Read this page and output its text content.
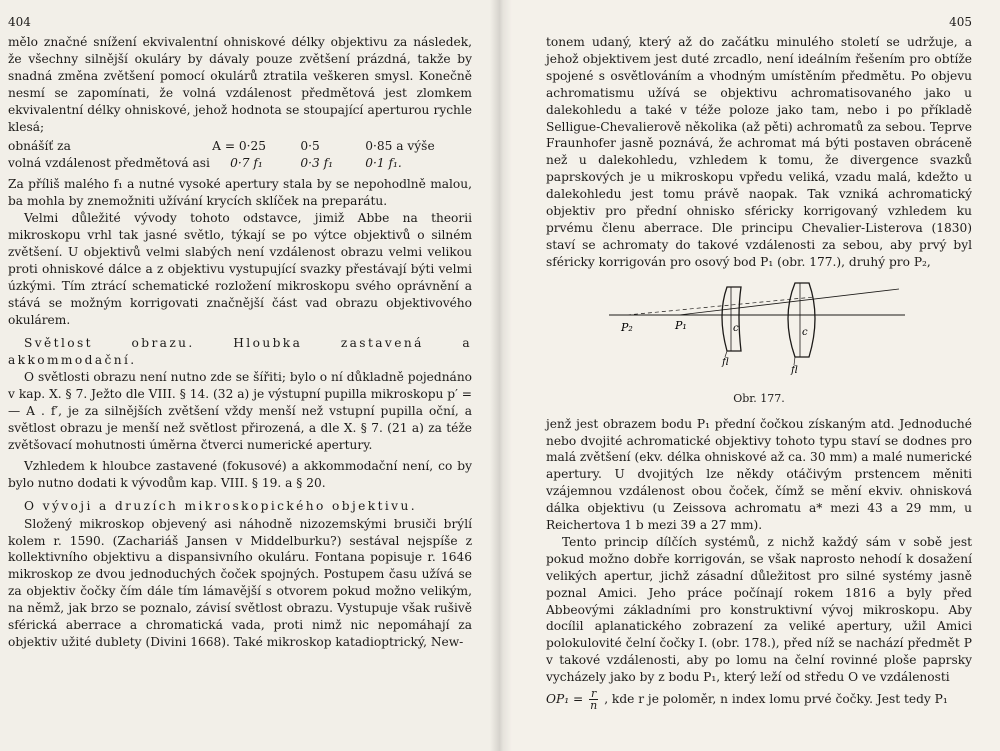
404

mělo značné snížení ekvivalentní ohniskové délky objektivu za následek, že všechny silnější okuláry by dávaly pouze zvětšení prázdná, takže by snadná změna zvětšení pomocí okulárů ztratila veškeren smysl. Konečně nesmí se zapomínati, že volná vzdálenost předmětová jest zlomkem ekvivalentní délky ohniskové, jehož hodnota se stoupající aperturou rychle klesá;

obnášíť za	A = 0·25	0·5	0·85 a výše
volná vzdálenost předmětová asi	0·7 f₁	0·3 f₁	0·1 f₁.

Za příliš malého f₁ a nutné vysoké apertury stala by se nepohodlně malou, ba mohla by znemožniti užívání krycích sklíček na preparátu.

Velmi důležité vývody tohoto odstavce, jimiž Abbe na theorii mikroskopu vrhl tak jasné světlo, týkají se po výtce objektivů o silném zvětšení. U objektivů velmi slabých není vzdálenost obrazu velmi velikou proti ohniskové dálce a z objektivu vystupující svazky přestávají býti velmi úzkými. Tím ztrácí schematické rozložení mikroskopu svého oprávnění a stává se možným korrigovati značnější část vad obrazu objektivového okulárem.

Světlost obrazu. Hloubka zastavená a akkommodační.

O světlosti obrazu není nutno zde se šířiti; bylo o ní důkladně pojednáno v kap. X. § 7. Ježto dle VIII. § 14. (32 a) je výstupní pupilla mikroskopu p′ = — A . f′, je za silnějších zvětšení vždy menší než vstupní pupilla oční, a světlost obrazu je menší než světlost přirozená, a dle X. § 7. (21 a) za téže zvětšovací mohutnosti úměrna čtverci numerické apertury.

Vzhledem k hloubce zastavené (fokusové) a akkommodační není, co by bylo nutno dodati k vývodům kap. VIII. § 19. a § 20.

O vývoji a druzích mikroskopického objektivu.

Složený mikroskop objevený asi náhodně nizozemskými brusiči brýlí kolem r. 1590. (Zachariáš Jansen v Middelburku?) sestával nejspíše z kollektivního objektivu a dispansivního okuláru. Fontana popisuje r. 1646 mikroskop ze dvou jednoduchých čoček spojných. Postupem času užívá se za objektiv čočky čím dále tím lámavější s otvorem pokud možno velikým, na němž, jak brzo se poznalo, závisí světlost obrazu. Vystupuje však rušivě sférická aberrace a chromatická vada, proti nimž nic nepomáhají za objektiv užité dublety (Divini 1668). Také mikroskop katadioptrický, New-

405

tonem udaný, který až do začátku minulého století se udržuje, a jehož objektivem jest duté zrcadlo, není ideálním řešením pro obtíže spojené s osvětlováním a vhodným umístěním předmětu. Po objevu achromatismu užívá se objektivu achromatisovaného jako u dalekohledu a také v téže poloze jako tam, nebo i po příkladě Selligue-Chevalierově několika (až pěti) achromatů za sebou. Teprve Fraunhofer jasně poznává, že achromat má býti postaven obráceně než u dalekohledu, vzhledem k tomu, že divergence svazků paprskových je u mikroskopu vpředu veliká, vzadu malá, kdežto u dalekohledu jest tomu právě naopak. Tak vzniká achromatický objektiv pro přední ohnisko sféricky korrigovaný vzhledem ku prvému členu aberrace. Dle principu Chevalier-Listerova (1830) staví se achromaty do takové vzdálenosti za sebou, aby prvý byl sféricky korrigován pro osový bod P₁ (obr. 177.), druhý pro P₂,

P₂	P₁	c
fl
c
fl
Obr. 177.

jenž jest obrazem bodu P₁ přední čočkou získaným atd. Jednoduché nebo dvojité achromatické objektivy tohoto typu staví se dodnes pro malá zvětšení (ekv. délka ohniskové až ca. 30 mm) a malé numerické apertury. U dvojitých lze někdy otáčivým prstencem měniti vzájemnou vzdálenost obou čoček, čímž se mění ekviv. ohnisková dálka objektivu (u Zeissova achromatu a* mezi 43 a 29 mm, u Reichertova 1 b mezi 39 a 27 mm).

Tento princip dílčích systémů, z nichž každý sám v sobě jest pokud možno dobře korrigován, se však naprosto nehodí k dosažení velikých apertur, jichž zásadní důležitost pro silné systémy jasně poznal Amici. Jeho práce počínají rokem 1816 a byly před Abbeovými základními pro konstruktivní vývoj mikroskopu. Aby docílil aplanatického zobrazení za veliké apertury, užil Amici polokulovité čelní čočky I. (obr. 178.), před níž se nachází předmět P v takové vzdálenosti, aby po lomu na čelní rovinné ploše paprsky vycházely jako by z bodu P₁, který leží od středu O ve vzdálenosti

$OP_1 = \frac{r}{n}$ , kde r je poloměr, n index lomu prvé čočky. Jest tedy P₁
